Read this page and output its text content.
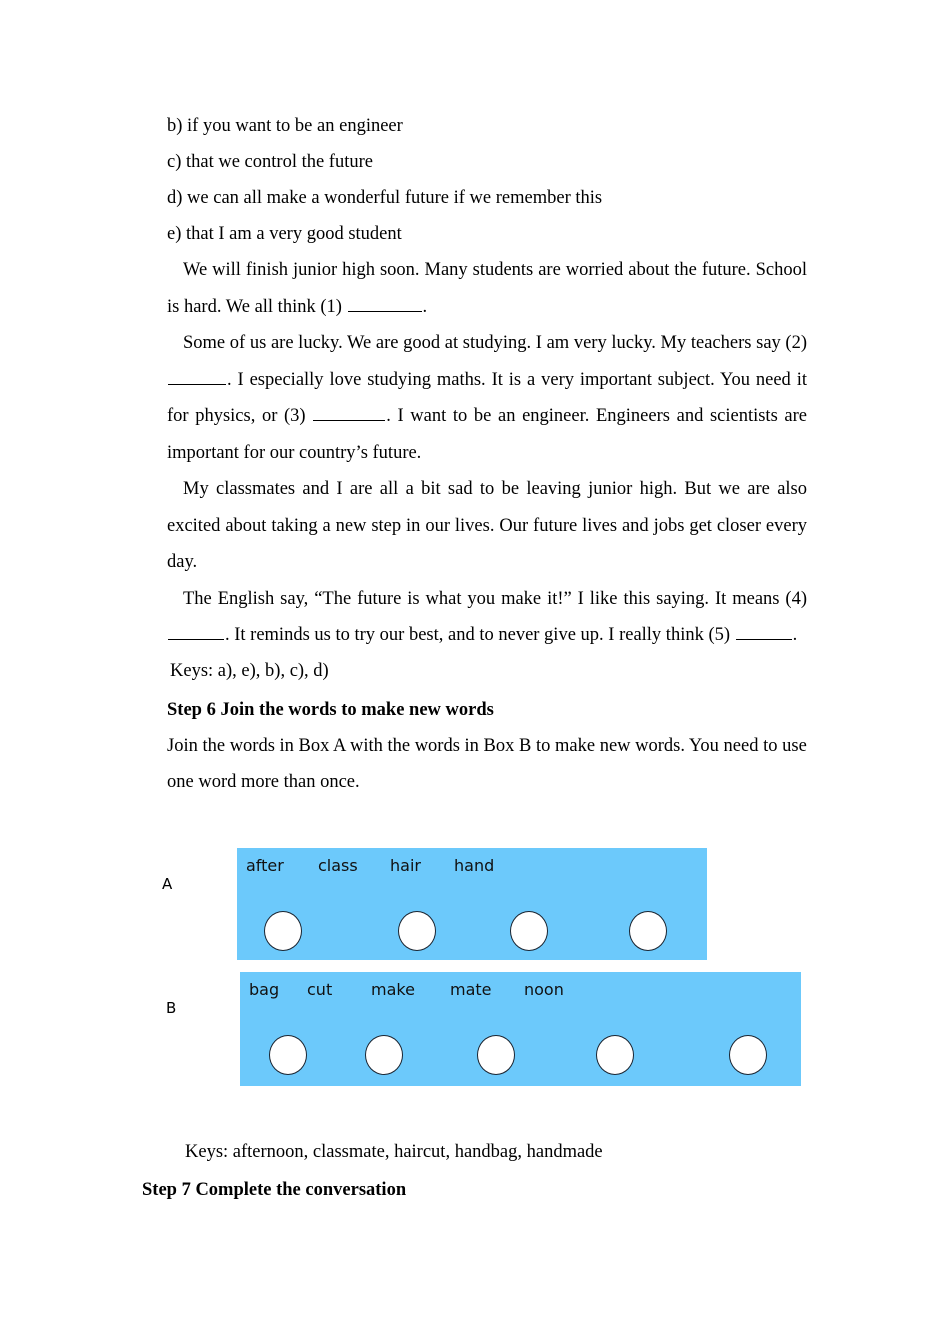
b) if you want to be an engineer

c) that we control the future

d) we can all make a wonderful future if we remember this

e) that I am a very good student

We will finish junior high soon. Many students are worried about the future. School is hard. We all think (1)	.

Some of us are lucky. We are good at studying. I am very lucky. My teachers say (2) . I especially love studying maths. It is a very important subject. You need it for physics, or (3)	. I want to be an engineer. Engineers and scientists are important for our country’s future.

My classmates and I are all a bit sad to be leaving junior high. But we are also excited about taking a new step in our lives. Our future lives and jobs get closer every day.

The English say, “The future is what you make it!” I like this saying. It means (4) . It reminds us to try our best, and to never give up. I really think (5)	.

Keys: a), e), b), c), d)

Step 6 Join the words to make new words

Join the words in Box A with the words in Box B to make new words. You need to use one word more than once.

A
after class hair hand
B
bag cut make mate noon

Keys: afternoon, classmate, haircut, handbag, handmade

Step 7 Complete the conversation
